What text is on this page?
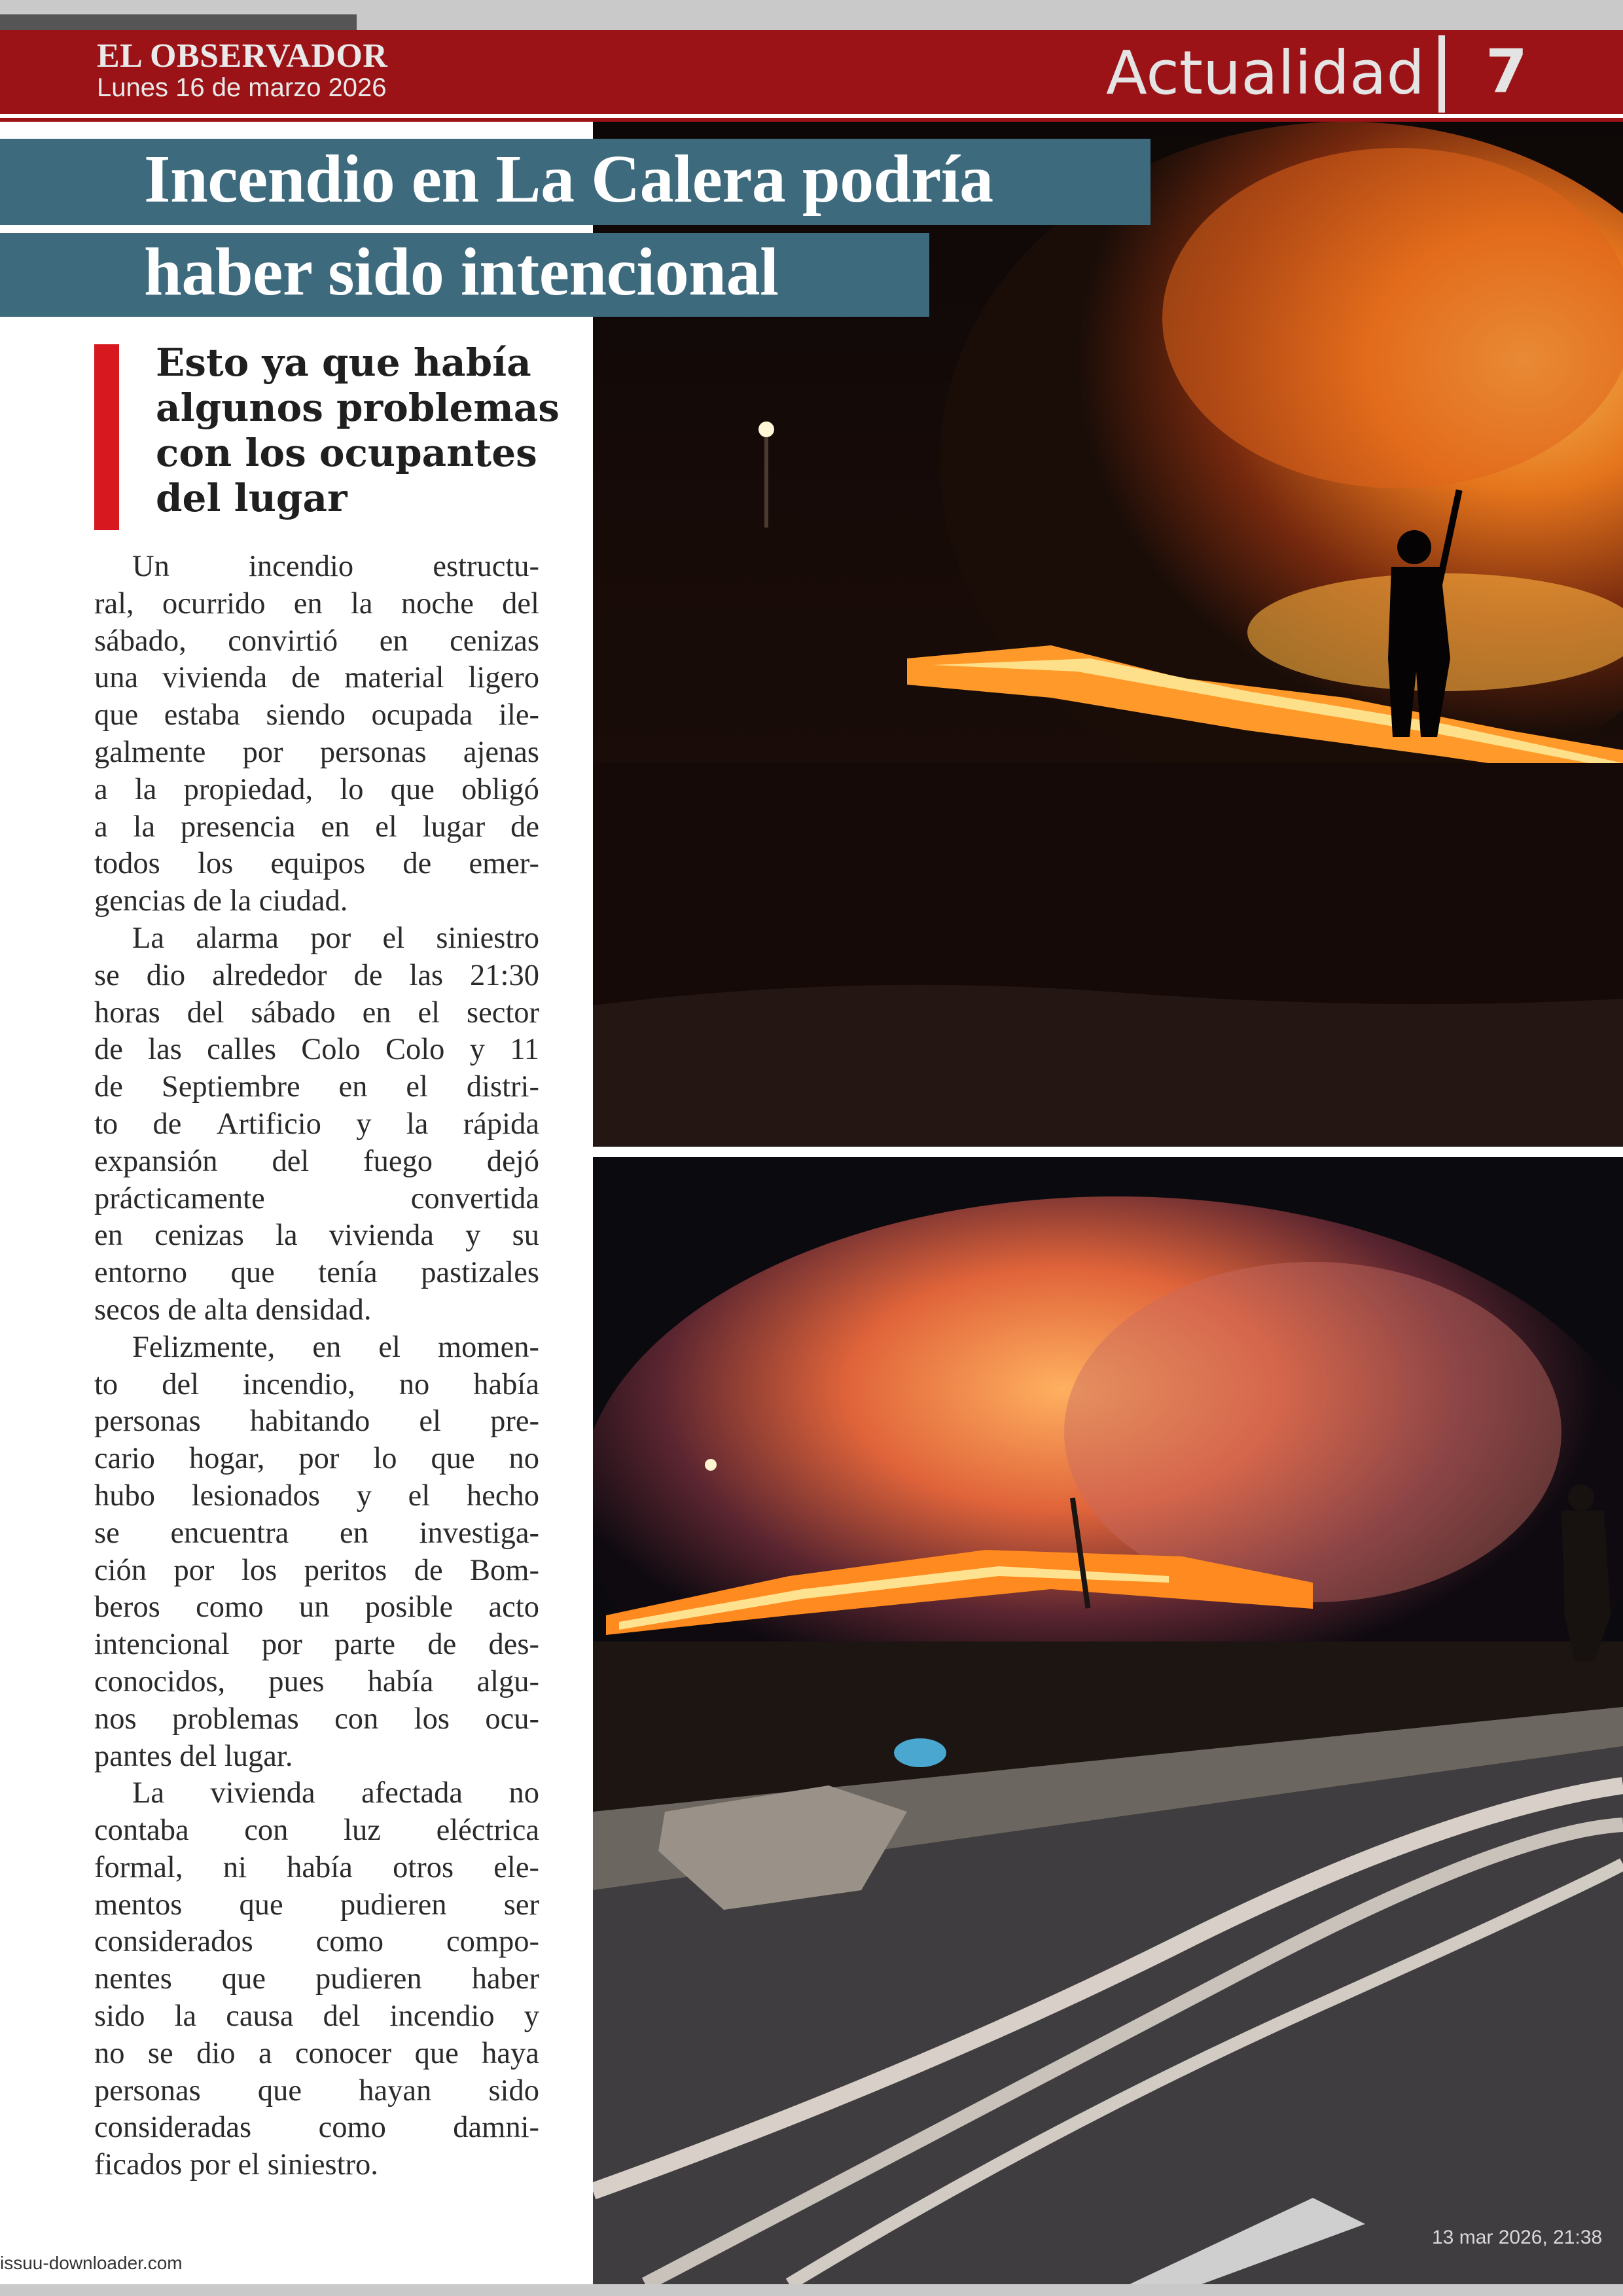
EL OBSERVADOR
Lunes 16 de marzo 2026	Actualidad 7
13 mar 2026, 21:38
Incendio en La Calera podría
haber sido intencional
Esto ya que había
algunos problemas
con los ocupantes
del lugar
Un	incendio	estructu-
ral, ocurrido en la noche del
sábado, convirtió en cenizas
una vivienda de material ligero
que estaba siendo ocupada ile-
galmente por personas ajenas
a la propiedad, lo que obligó
a la presencia en el lugar de
todos los equipos de emer-
gencias de la ciudad.
La alarma por el siniestro
se dio alrededor de las 21:30
horas del sábado en el sector
de las calles Colo Colo y 11
de Septiembre en el distri-
to de Artificio y la rápida
expansión del fuego dejó
prácticamente	convertida
en cenizas la vivienda y su
entorno que tenía pastizales
secos de alta densidad.
Felizmente, en el momen-
to del incendio, no había
personas habitando el pre-
cario hogar, por lo que no
hubo lesionados y el hecho
se encuentra en investiga-
ción por los peritos de Bom-
beros como un posible acto
intencional por parte de des-
conocidos, pues había algu-
nos problemas con los ocu-
pantes del lugar.
La vivienda afectada no
contaba con luz eléctrica
formal, ni había otros ele-
mentos que pudieren ser
considerados como compo-
nentes que pudieren haber
sido la causa del incendio y
no se dio a conocer que haya
personas que hayan sido
consideradas como damni-
ficados por el siniestro.
issuu-downloader.com
